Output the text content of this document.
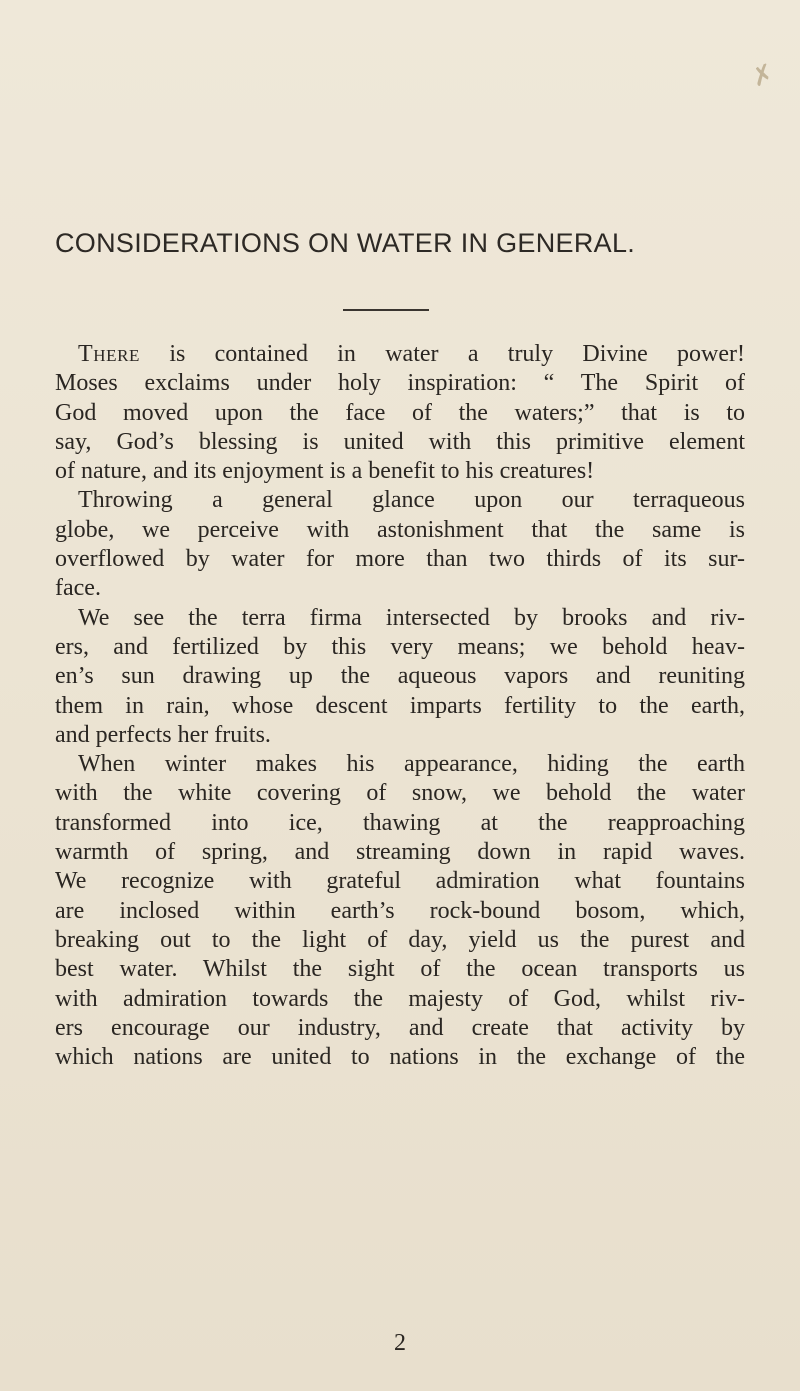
✗
CONSIDERATIONS ON WATER IN GENERAL.
There is contained in water a truly Divine power!
Moses exclaims under holy inspiration: “ The Spirit of
God moved upon the face of the waters;” that is to
say, God’s blessing is united with this primitive element
of nature, and its enjoyment is a benefit to his creatures!
Throwing a general glance upon our terraqueous
globe, we perceive with astonishment that the same is
overflowed by water for more than two thirds of its sur-
face.
We see the terra firma intersected by brooks and riv-
ers, and fertilized by this very means; we behold heav-
en’s sun drawing up the aqueous vapors and reuniting
them in rain, whose descent imparts fertility to the earth,
and perfects her fruits.
When winter makes his appearance, hiding the earth
with the white covering of snow, we behold the water
transformed into ice, thawing at the reapproaching
warmth of spring, and streaming down in rapid waves.
We recognize with grateful admiration what fountains
are inclosed within earth’s rock-bound bosom, which,
breaking out to the light of day, yield us the purest and
best water. Whilst the sight of the ocean transports us
with admiration towards the majesty of God, whilst riv-
ers encourage our industry, and create that activity by
which nations are united to nations in the exchange of the
2
